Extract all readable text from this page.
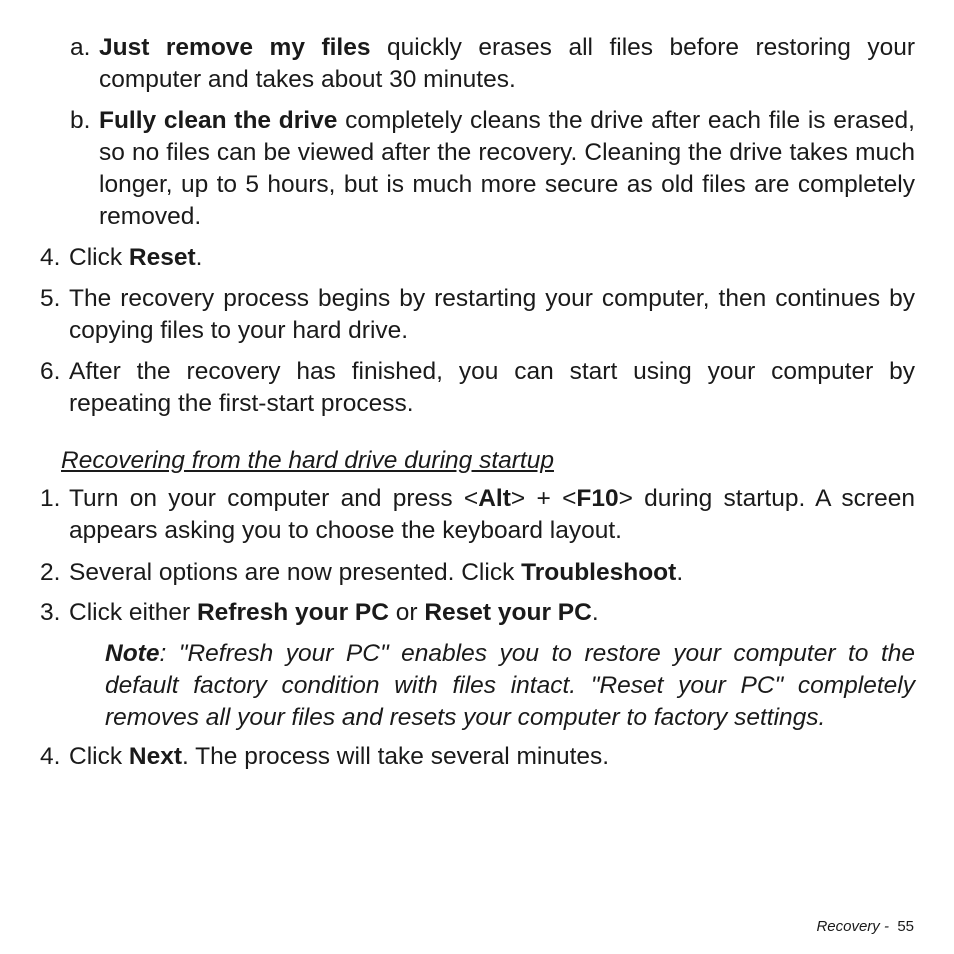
a. Just remove my files quickly erases all files before restoring your computer and takes about 30 minutes.
b. Fully clean the drive completely cleans the drive after each file is erased, so no files can be viewed after the recovery. Cleaning the drive takes much longer, up to 5 hours, but is much more secure as old files are completely removed.
4. Click Reset.
5. The recovery process begins by restarting your computer, then continues by copying files to your hard drive.
6. After the recovery has finished, you can start using your computer by repeating the first-start process.
Recovering from the hard drive during startup
1. Turn on your computer and press <Alt> + <F10> during startup. A screen appears asking you to choose the keyboard layout.
2. Several options are now presented. Click Troubleshoot.
3. Click either Refresh your PC or Reset your PC.
Note: "Refresh your PC" enables you to restore your computer to the default factory condition with files intact. "Reset your PC" completely removes all your files and resets your computer to factory settings.
4. Click Next. The process will take several minutes.
Recovery - 55
